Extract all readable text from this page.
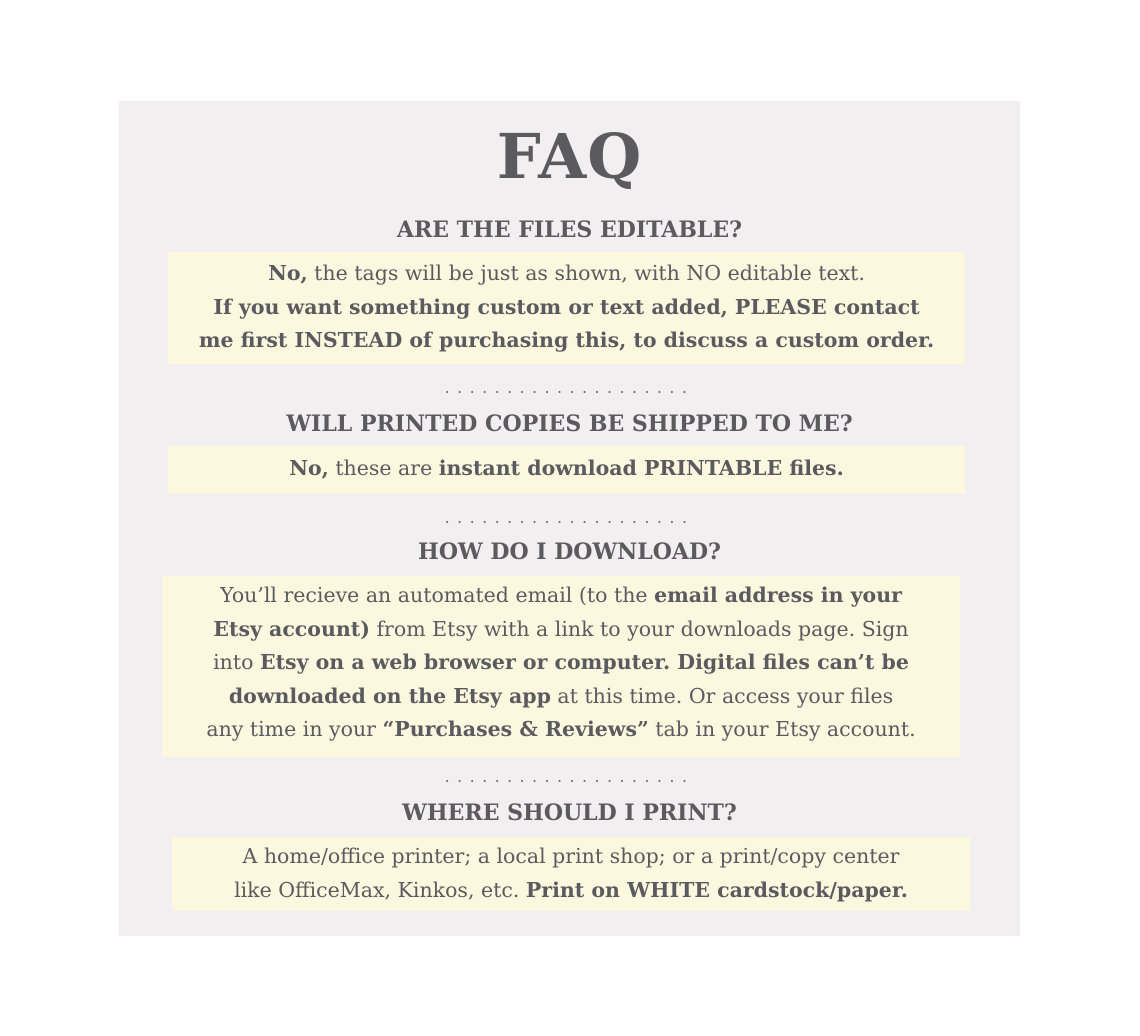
FAQ
ARE THE FILES EDITABLE?
No, the tags will be just as shown, with NO editable text.
If you want something custom or text added, PLEASE contact
me first INSTEAD of purchasing this, to discuss a custom order.
....................
WILL PRINTED COPIES BE SHIPPED TO ME?
No, these are instant download PRINTABLE files.
....................
HOW DO I DOWNLOAD?
You’ll recieve an automated email (to the email address in your
Etsy account) from Etsy with a link to your downloads page. Sign
into Etsy on a web browser or computer. Digital files can’t be
downloaded on the Etsy app at this time. Or access your files
any time in your “Purchases & Reviews” tab in your Etsy account.
....................
WHERE SHOULD I PRINT?
A home/office printer; a local print shop; or a print/copy center
like OfficeMax, Kinkos, etc. Print on WHITE cardstock/paper.
